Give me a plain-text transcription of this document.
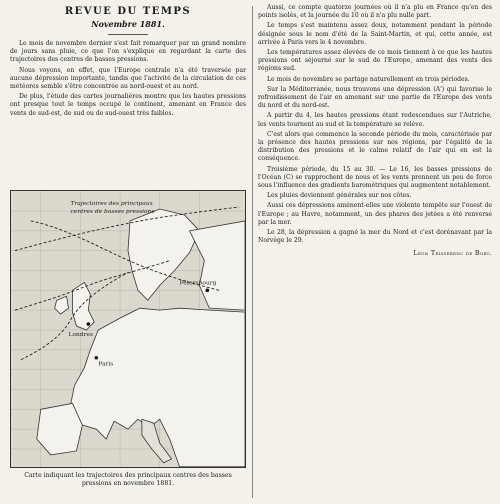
REVUE DU TEMPS
Novembre 1881.

Le mois de novembre dernier s'est fait remarquer par un grand nombre de jours sans pluie, ce que l'on s'explique en regardant la carte des trajectoires des centres de basses pressions.

Nous voyons, en effet, que l'Europe centrale n'a été traversée par aucune dépression importante, tandis que l'activité de la circulation de ces météores semble s'être concentrée au nord-ouest et au nord.

De plus, l'étude des cartes journalières montre que les hautes pressions ont presque tout le temps occupé le continent, amenant en France des vents de sud-est, de sud ou de sud-ouest très faibles.

Trajectoires des principaux
centres de basses pressions
Londres
Paris
Pétersbourg
Carte indiquant les trajectoires des principaux centres des basses pressions en novembre 1881.

Aussi, ce compte quatorze journées où il n'a plu en France qu'en des points isolés, et la journée du 10 où il n'a plu nulle part.

Le temps s'est maintenu assez doux, notamment pendant la période désignée sous le nom d'été de la Saint-Martin, et qui, cette année, est arrivée à Paris vers le 4 novembre.

Les températures assez élevées de ce mois tiennent à ce que les hautes pressions ont séjourné sur le sud de l'Europe, amenant des vents des régions sud.

Le mois de novembre se partage naturellement en trois périodes.

Sur la Méditerranée, nous trouvons une dépression (A') qui favorise le refroidissement de l'air en amenant sur une partie de l'Europe des vents du nord et du nord-est.

A partir du 4, les hautes pressions étant redescendues sur l'Autriche, les vents tournent au sud et la température se relève.

C'est alors que commence la seconde période du mois, caractérisée par la présence des hautes pressions sur nos régions, par l'égalité de la distribution des pressions et le calme relatif de l'air qui en est la conséquence.

Troisième période, du 15 au 30. — Le 16, les basses pressions de l'Océan (C) se rapprochent de nous et les vents prennent un peu de force sous l'influence des gradients barométriques qui augmentent notablement.

Les pluies deviennent générales sur nos côtes.

Aussi ces dépressions amènent-elles une violente tempête sur l'ouest de l'Europe ; au Havre, notamment, un des phares des jetées a été renversé par la mer.

Le 28, la dépression a gagné la mer du Nord et c'est dorénavant par la Norvège le 29.

Léon Teisserenc de Bort.
